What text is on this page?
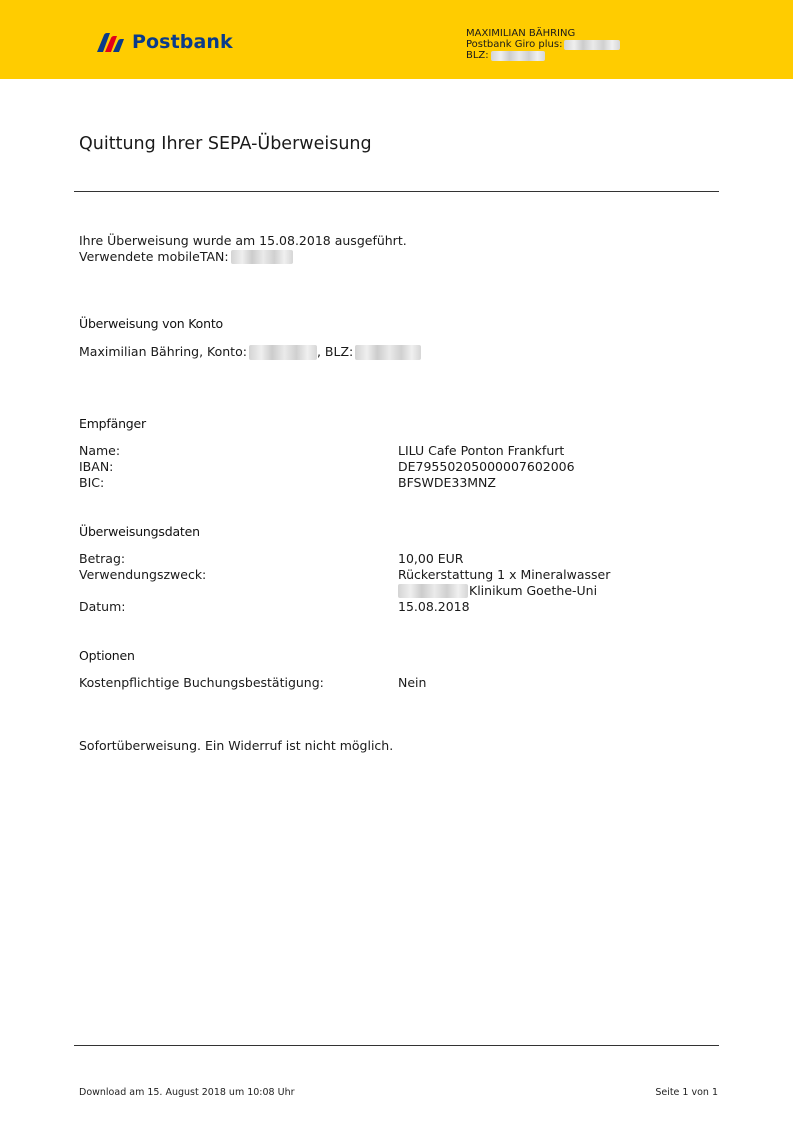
Postbank	MAXIMILIAN BÄHRING
Postbank Giro plus:
BLZ:
Quittung Ihrer SEPA-Überweisung
Ihre Überweisung wurde am 15.08.2018 ausgeführt.
Verwendete mobileTAN:
Überweisung von Konto
Maximilian Bähring, Konto:	, BLZ:
Empfänger
Name:	LILU Cafe Ponton Frankfurt
IBAN:	DE79550205000007602006
BIC:	BFSWDE33MNZ
Überweisungsdaten
Betrag:	10,00 EUR
Verwendungszweck:	Rückerstattung 1 x Mineralwasser
Klinikum Goethe-Uni
Datum:	15.08.2018
Optionen
Kostenpflichtige Buchungsbestätigung:	Nein
Sofortüberweisung. Ein Widerruf ist nicht möglich.
Download am 15. August 2018 um 10:08 Uhr	Seite 1 von 1
